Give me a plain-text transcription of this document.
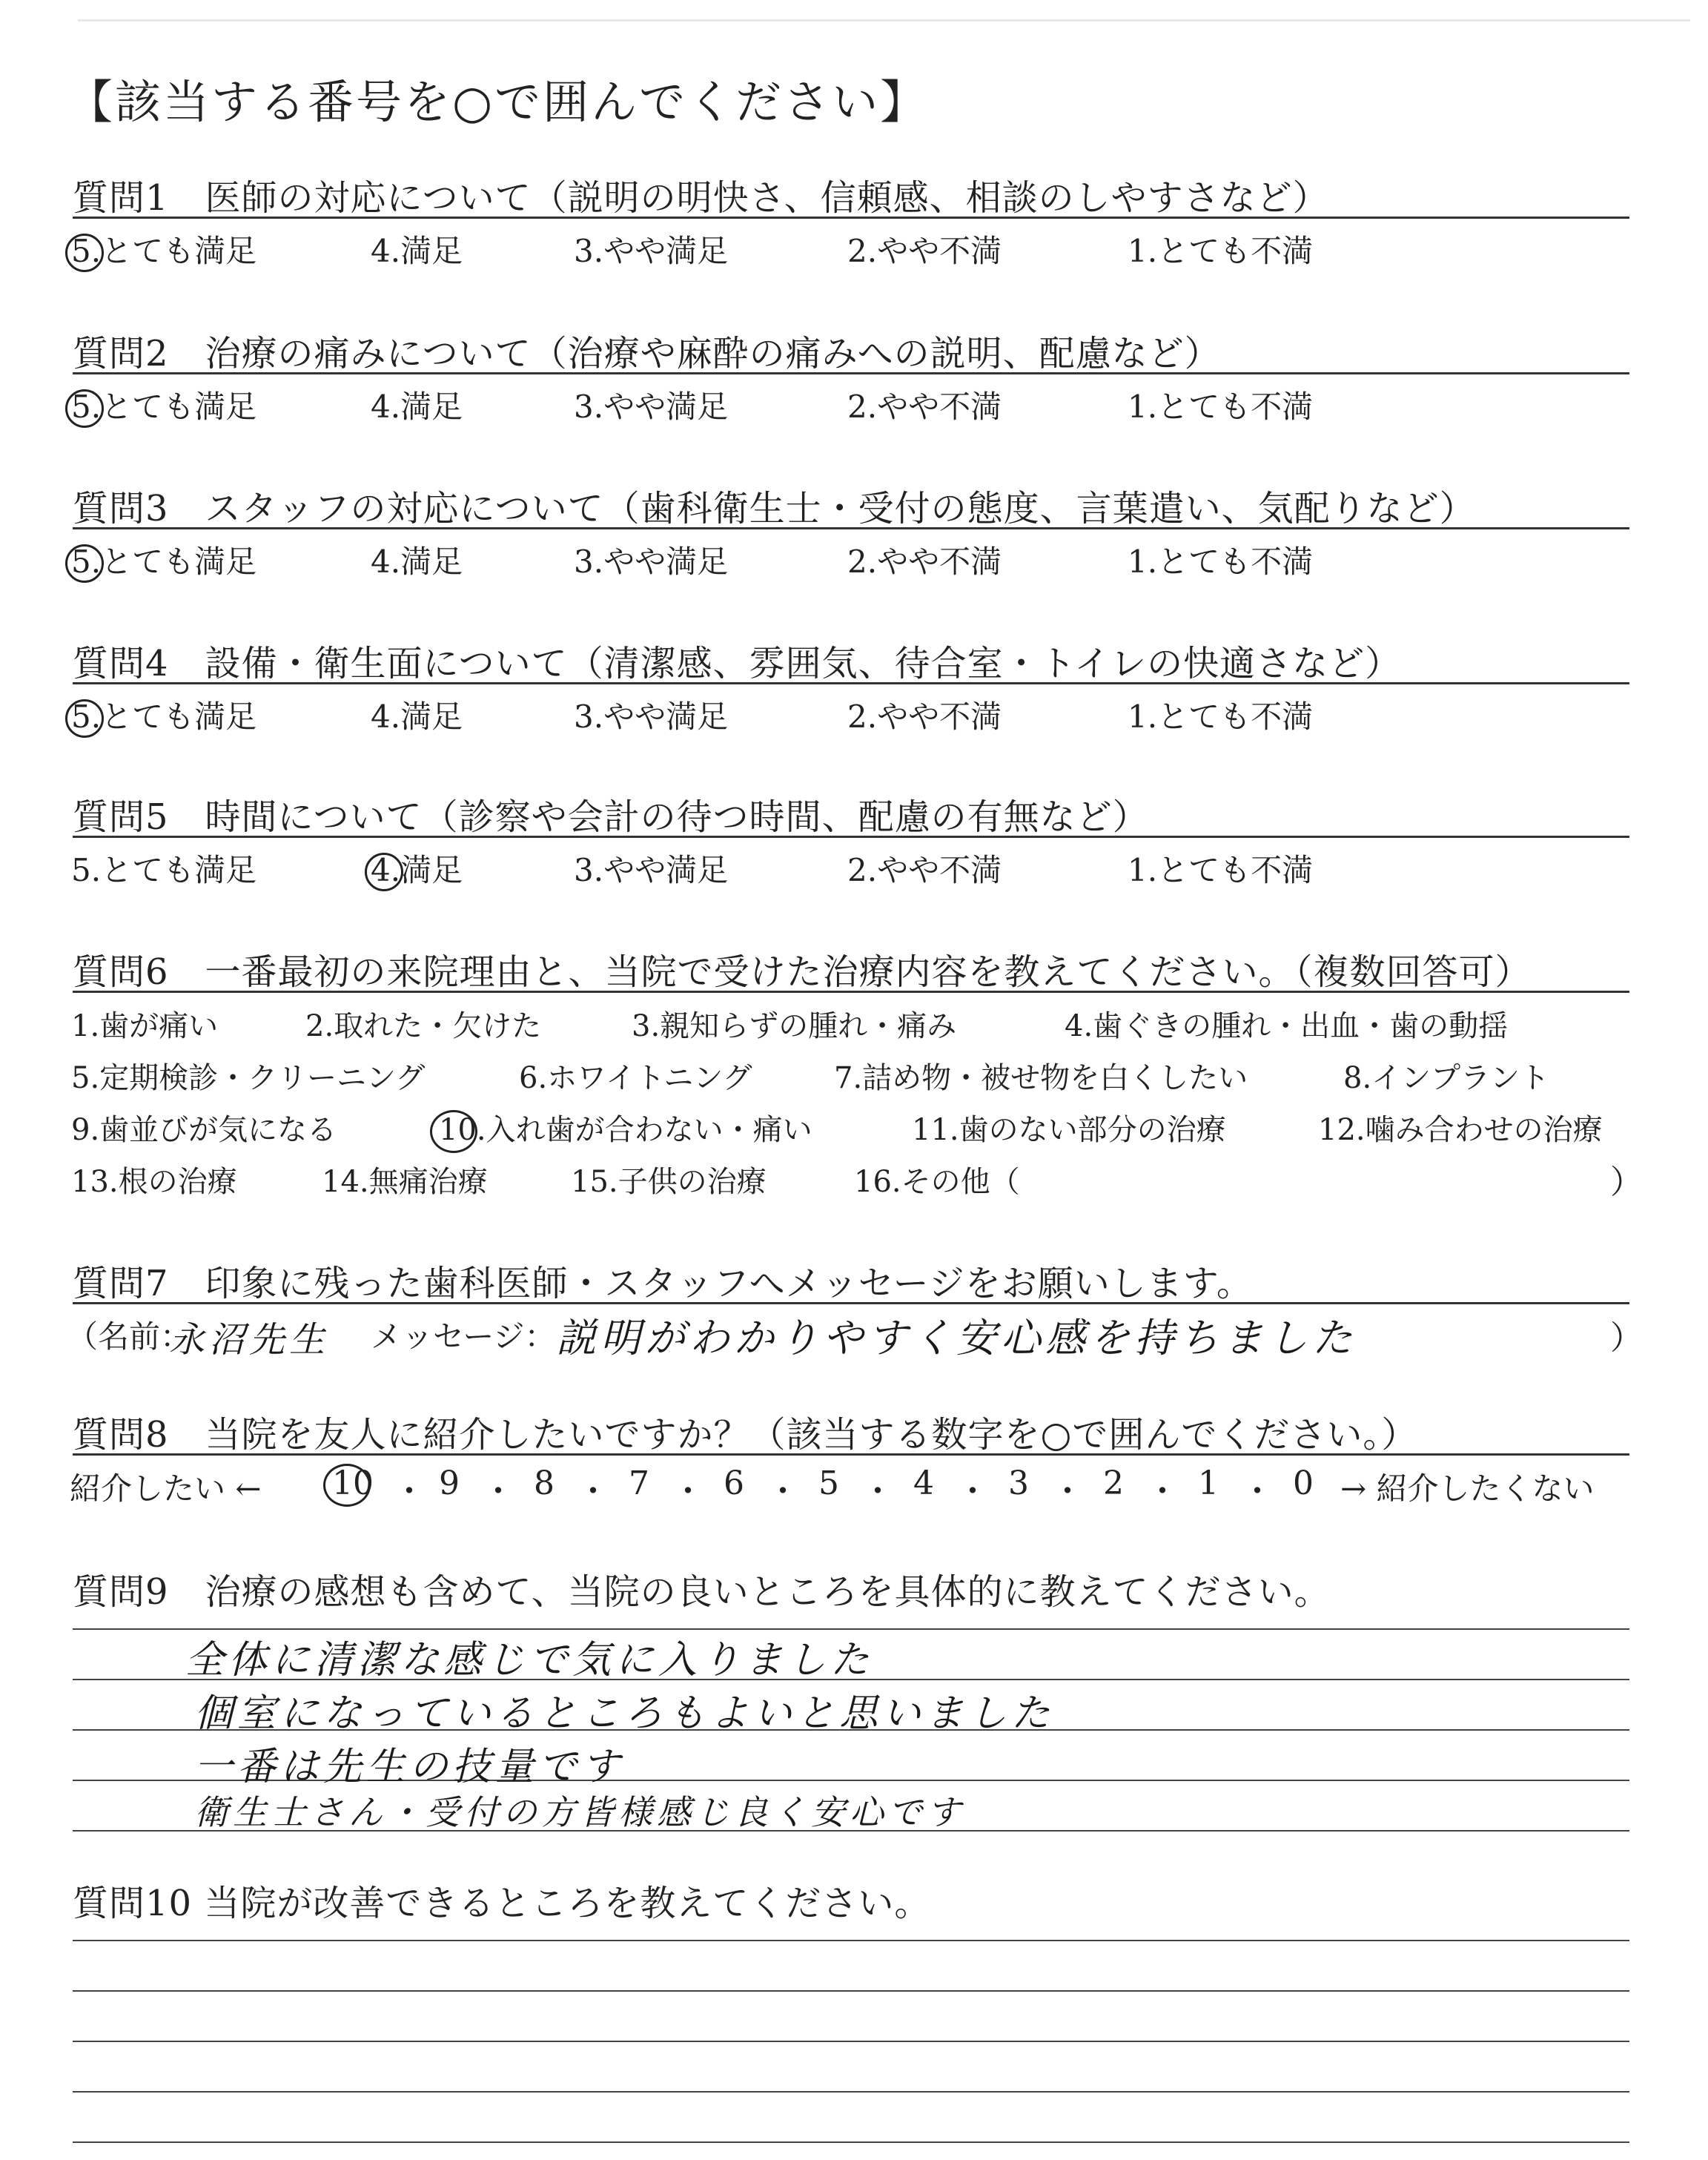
【該当する番号を○で囲んでください】
質問1　医師の対応について（説明の明快さ、信頼感、相談のしやすさなど）
5.とても満足	4.満足	3.やや満足	2.やや不満	1.とても不満
質問2　治療の痛みについて（治療や麻酔の痛みへの説明、配慮など）
5.とても満足	4.満足	3.やや満足	2.やや不満	1.とても不満
質問3　スタッフの対応について（歯科衛生士・受付の態度、言葉遣い、気配りなど）
5.とても満足	4.満足	3.やや満足	2.やや不満	1.とても不満
質問4　設備・衛生面について（清潔感、雰囲気、待合室・トイレの快適さなど）
5.とても満足	4.満足	3.やや満足	2.やや不満	1.とても不満
質問5　時間について（診察や会計の待つ時間、配慮の有無など）
5.とても満足	4.満足	3.やや満足	2.やや不満	1.とても不満
質問6　一番最初の来院理由と、当院で受けた治療内容を教えてください。（複数回答可）
1.歯が痛い	2.取れた・欠けた	3.親知らずの腫れ・痛み	4.歯ぐきの腫れ・出血・歯の動揺
5.定期検診・クリーニング	6.ホワイトニング	7.詰め物・被せ物を白くしたい	8.インプラント
9.歯並びが気になる	10.入れ歯が合わない・痛い	11.歯のない部分の治療	12.噛み合わせの治療
13.根の治療	14.無痛治療	15.子供の治療	16.その他（	）
質問7　印象に残った歯科医師・スタッフへメッセージをお願いします。
（名前：
永沼先生 メッセージ： 説明がわかりやすく安心感を持ちました	）
質問8　当院を友人に紹介したいですか？（該当する数字を○で囲んでください。）
紹介したい ← 10 ・ 9 ・ 8 ・ 7 ・ 6 ・ 5 ・ 4 ・ 3 ・ 2 ・ 1 ・ 0 → 紹介したくない
質問9　治療の感想も含めて、当院の良いところを具体的に教えてください。
全体に清潔な感じで気に入りました
個室になっているところもよいと思いました
一番は先生の技量です
衛生士さん・受付の方皆様感じ良く安心です
質問10 当院が改善できるところを教えてください。
